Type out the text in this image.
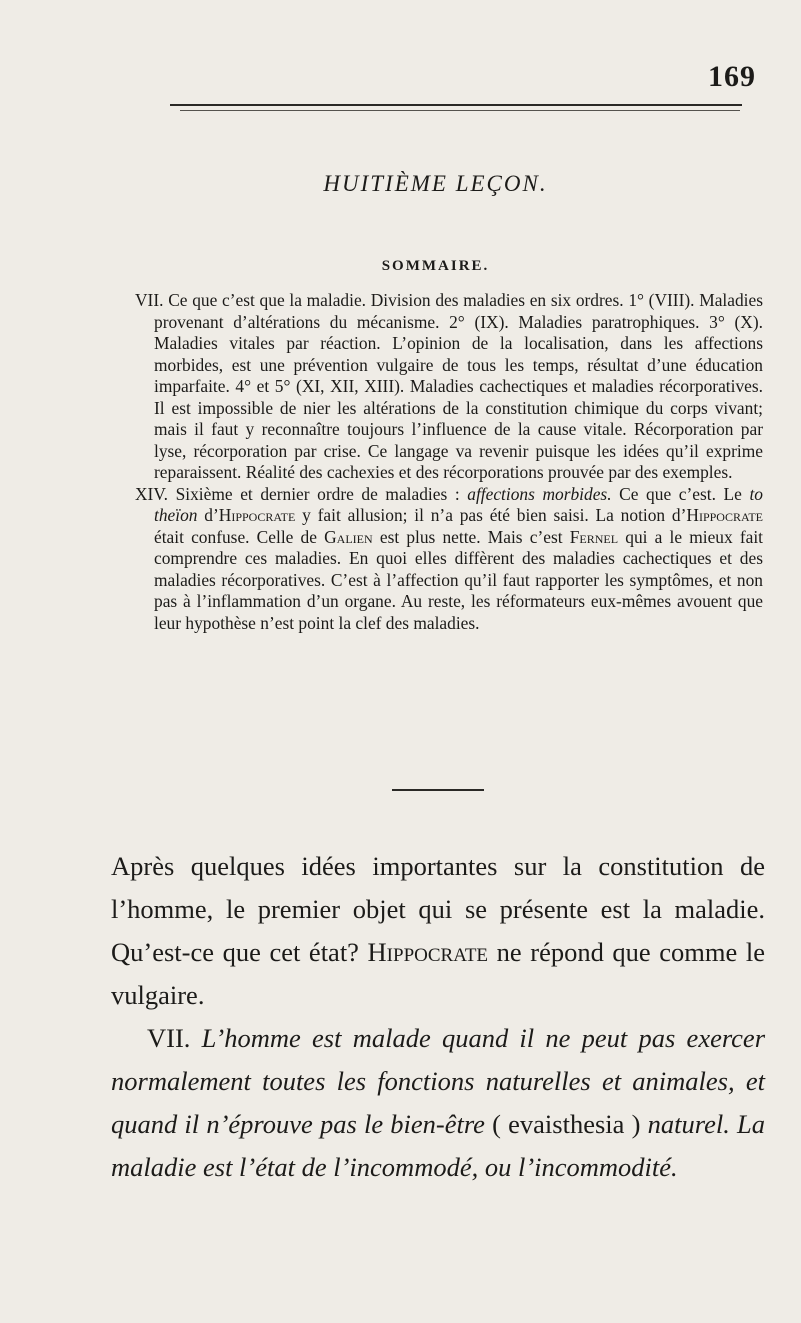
169
HUITIÈME LEÇON.
SOMMAIRE.

VII. Ce que c’est que la maladie. Division des maladies en six ordres. 1° (VIII). Maladies provenant d’altérations du mécanisme. 2° (IX). Maladies paratrophiques. 3° (X). Maladies vitales par réaction. L’opinion de la localisation, dans les affections morbides, est une prévention vulgaire de tous les temps, résultat d’une éducation imparfaite. 4° et 5° (XI, XII, XIII). Maladies cachectiques et maladies récorporatives. Il est impossible de nier les altérations de la constitution chimique du corps vivant; mais il faut y reconnaître toujours l’influence de la cause vitale. Récorporation par lyse, récorporation par crise. Ce langage va revenir puisque les idées qu’il exprime reparaissent. Réalité des cachexies et des récorporations prouvée par des exemples.

XIV. Sixième et dernier ordre de maladies : affections morbides. Ce que c’est. Le to theïon d’Hippocrate y fait allusion; il n’a pas été bien saisi. La notion d’Hippocrate était confuse. Celle de Galien est plus nette. Mais c’est Fernel qui a le mieux fait comprendre ces maladies. En quoi elles diffèrent des maladies cachectiques et des maladies récorporatives. C’est à l’affection qu’il faut rapporter les symptômes, et non pas à l’inflammation d’un organe. Au reste, les réformateurs eux-mêmes avouent que leur hypothèse n’est point la clef des maladies.

Après quelques idées importantes sur la constitution de l’homme, le premier objet qui se présente est la maladie. Qu’est-ce que cet état? Hippocrate ne répond que comme le vulgaire.

VII. L’homme est malade quand il ne peut pas exercer normalement toutes les fonctions naturelles et animales, et quand il n’éprouve pas le bien-être ( evaisthesia ) naturel. La maladie est l’état de l’incommodé, ou l’incommodité.
